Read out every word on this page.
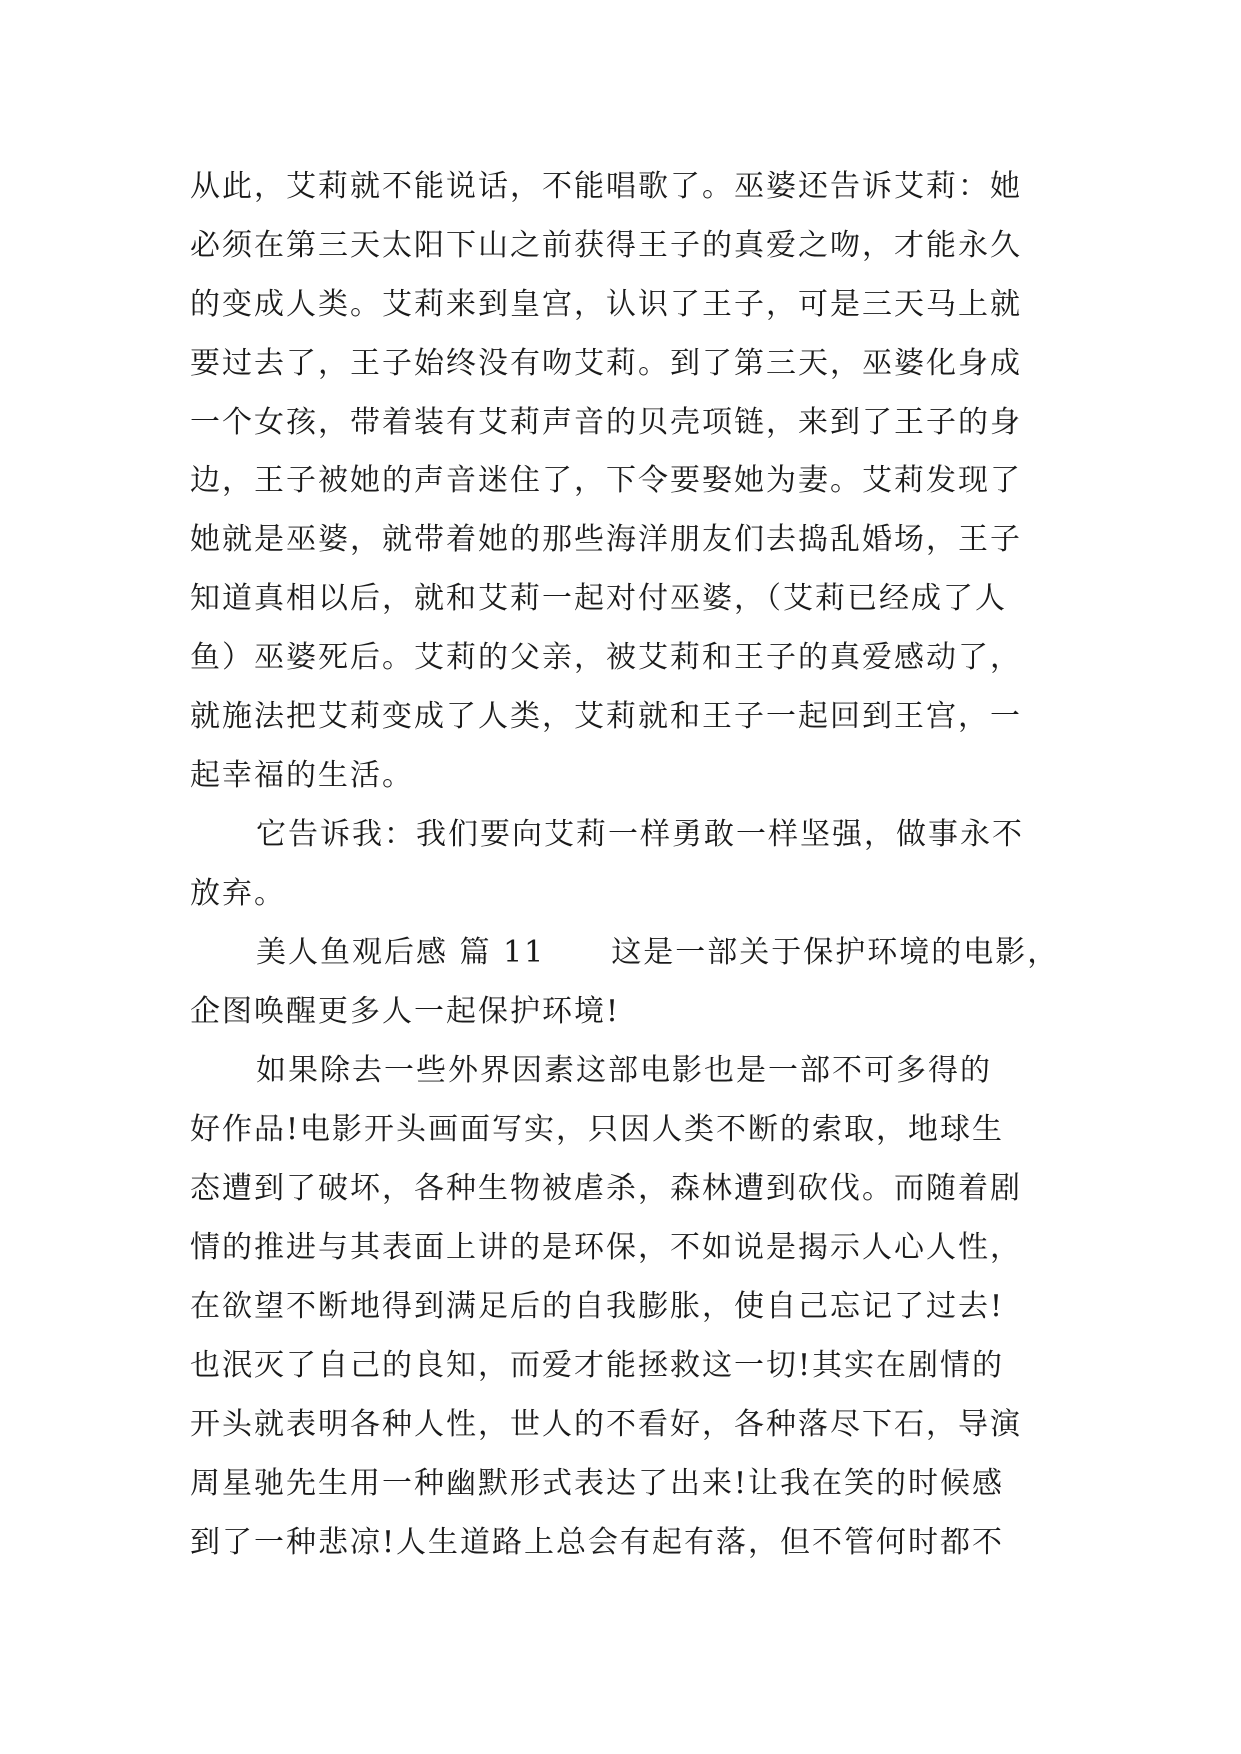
从此，艾莉就不能说话，不能唱歌了。巫婆还告诉艾莉：她

必须在第三天太阳下山之前获得王子的真爱之吻，才能永久

的变成人类。艾莉来到皇宫，认识了王子，可是三天马上就

要过去了，王子始终没有吻艾莉。到了第三天，巫婆化身成

一个女孩，带着装有艾莉声音的贝壳项链，来到了王子的身

边，王子被她的声音迷住了，下令要娶她为妻。艾莉发现了

她就是巫婆，就带着她的那些海洋朋友们去捣乱婚场，王子

知道真相以后，就和艾莉一起对付巫婆，（艾莉已经成了人

鱼）巫婆死后。艾莉的父亲，被艾莉和王子的真爱感动了，

就施法把艾莉变成了人类，艾莉就和王子一起回到王宫，一

起幸福的生活。

它告诉我：我们要向艾莉一样勇敢一样坚强，做事永不

放弃。

美人鱼观后感 篇 11 这是一部关于保护环境的电影，

企图唤醒更多人一起保护环境!

如果除去一些外界因素这部电影也是一部不可多得的

好作品!电影开头画面写实，只因人类不断的索取，地球生

态遭到了破坏，各种生物被虐杀，森林遭到砍伐。而随着剧

情的推进与其表面上讲的是环保，不如说是揭示人心人性，

在欲望不断地得到满足后的自我膨胀，使自己忘记了过去!

也泯灭了自己的良知，而爱才能拯救这一切!其实在剧情的

开头就表明各种人性，世人的不看好，各种落尽下石，导演

周星驰先生用一种幽默形式表达了出来!让我在笑的时候感

到了一种悲凉!人生道路上总会有起有落，但不管何时都不
